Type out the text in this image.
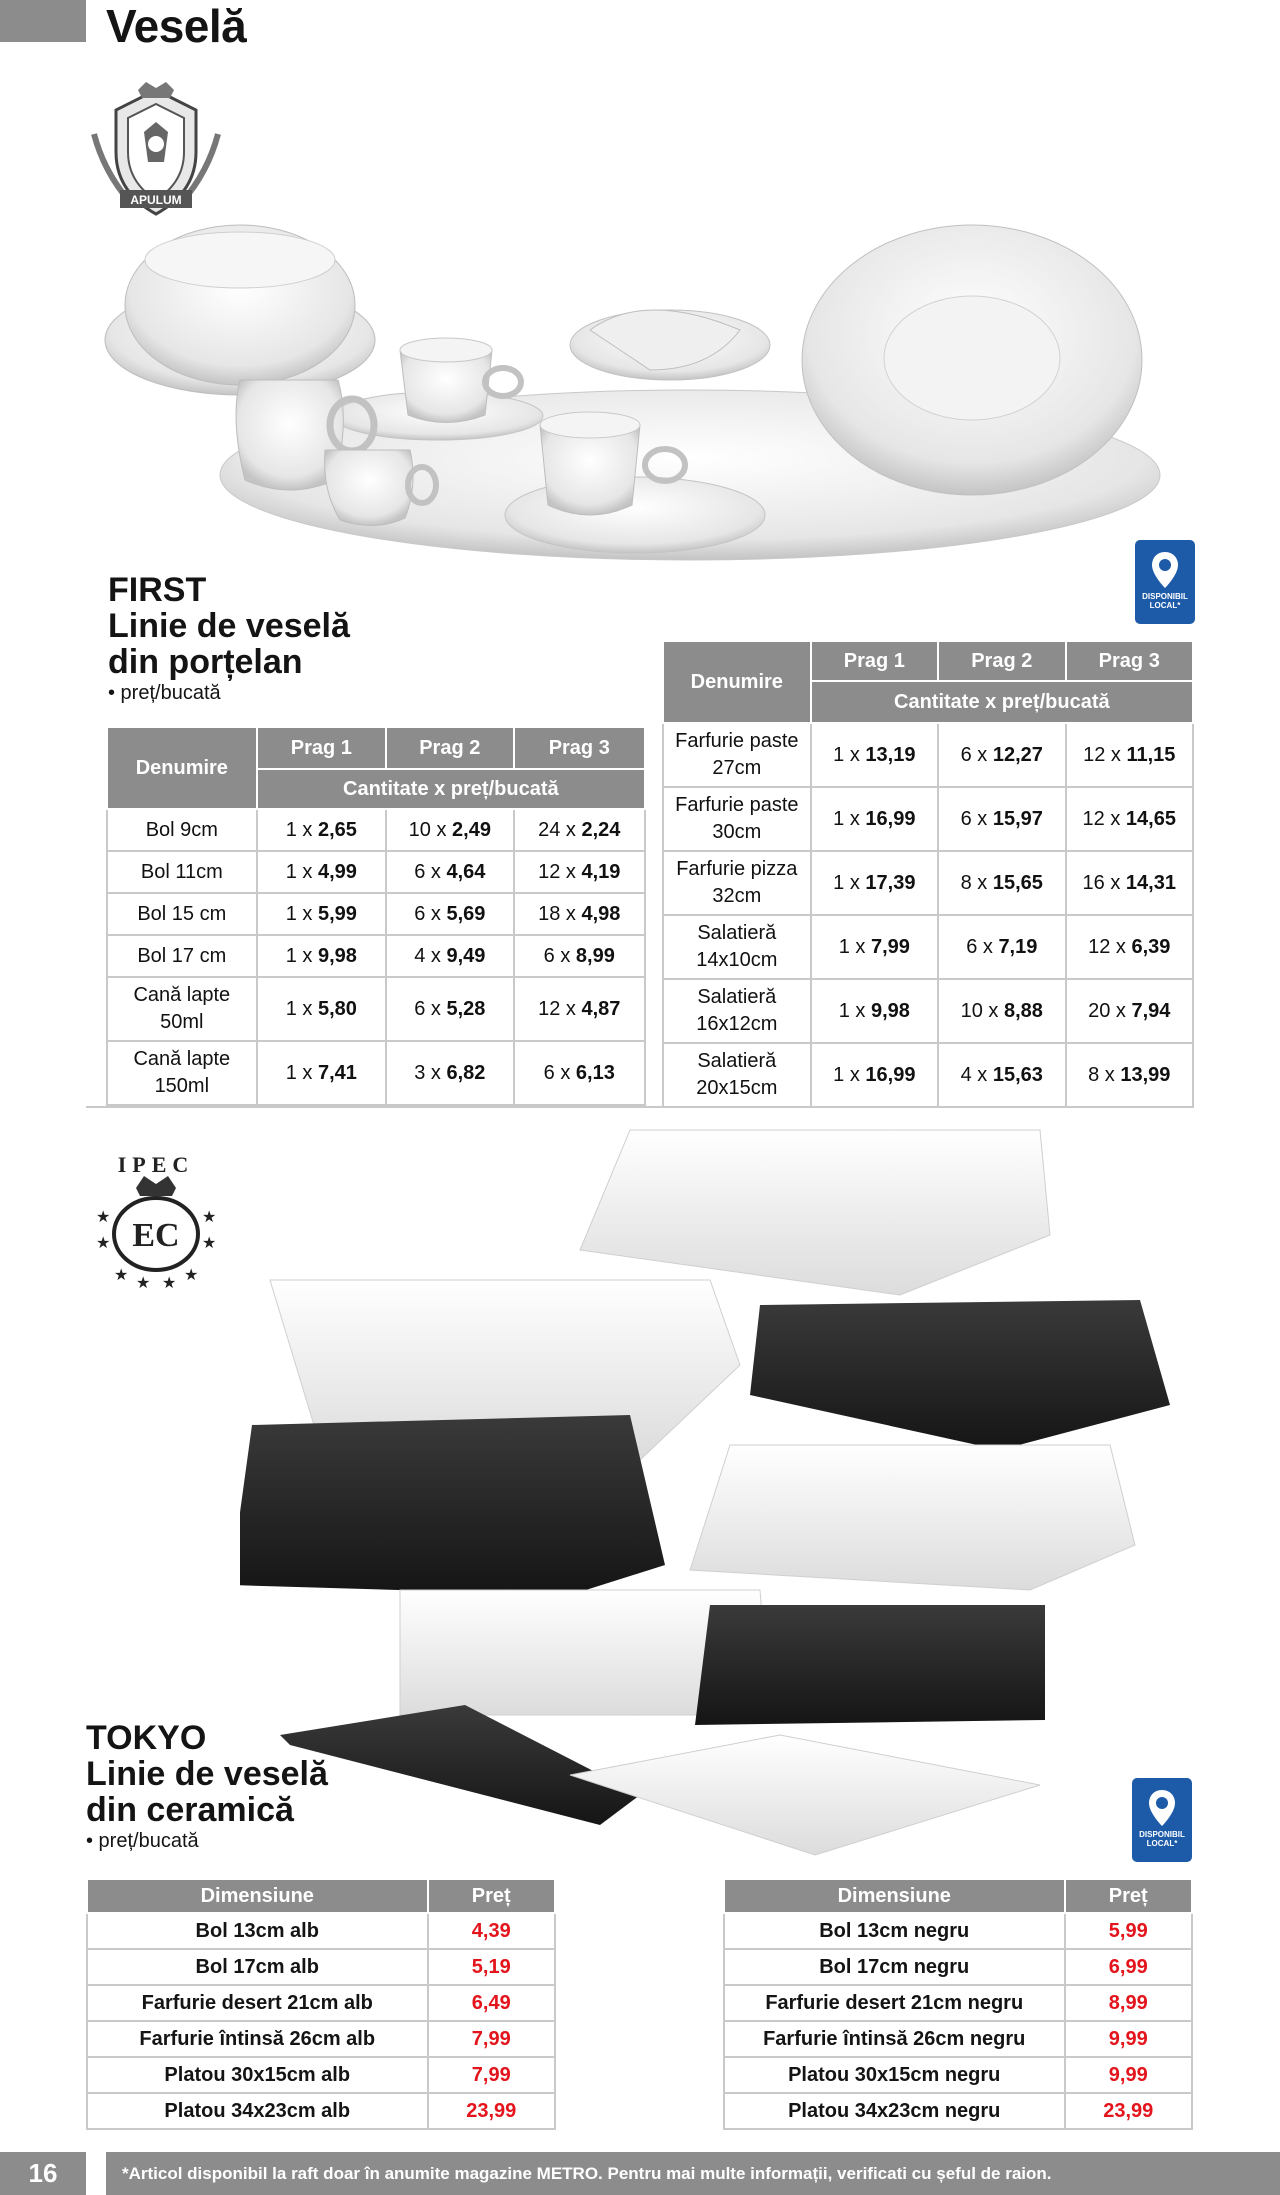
Veselă
APULUM
FIRST
Linie de veselă
din porțelan
• preț/bucată
DISPONIBIL
LOCAL*
Denumire	Prag 1	Prag 2	Prag 3
	Cantitate x preț/bucată		
Bol 9cm	1 x 2,65	10 x 2,49	24 x 2,24
Bol 11cm	1 x 4,99	6 x 4,64	12 x 4,19
Bol 15 cm	1 x 5,99	6 x 5,69	18 x 4,98
Bol 17 cm	1 x 9,98	4 x 9,49	6 x 8,99
Cană lapte 50ml	1 x 5,80	6 x 5,28	12 x 4,87
Cană lapte 150ml	1 x 7,41	3 x 6,82	6 x 6,13
Denumire	Prag 1	Prag 2	Prag 3
	Cantitate x preț/bucată		
Farfurie paste 27cm	1 x 13,19	6 x 12,27	12 x 11,15
Farfurie paste 30cm	1 x 16,99	6 x 15,97	12 x 14,65
Farfurie pizza 32cm	1 x 17,39	8 x 15,65	16 x 14,31
Salatieră 14x10cm	1 x 7,99	6 x 7,19	12 x 6,39
Salatieră 16x12cm	1 x 9,98	10 x 8,88	20 x 7,94
Salatieră 20x15cm	1 x 16,99	4 x 15,63	8 x 13,99
IPEC
EC
★
★
★
★
★ ★ ★ ★
TOKYO
Linie de veselă
din ceramică
• preț/bucată	DISPONIBIL
LOCAL*
Dimensiune	Preț
Bol 13cm alb	4,39
Bol 17cm alb	5,19
Farfurie desert 21cm alb	6,49
Farfurie întinsă 26cm alb	7,99
Platou 30x15cm alb	7,99
Platou 34x23cm alb	23,99
Dimensiune	Preț
Bol 13cm negru	5,99
Bol 17cm negru	6,99
Farfurie desert 21cm negru	8,99
Farfurie întinsă 26cm negru	9,99
Platou 30x15cm negru	9,99
Platou 34x23cm negru	23,99
16	*Articol disponibil la raft doar în anumite magazine METRO. Pentru mai multe informații, verificati cu șeful de raion.
